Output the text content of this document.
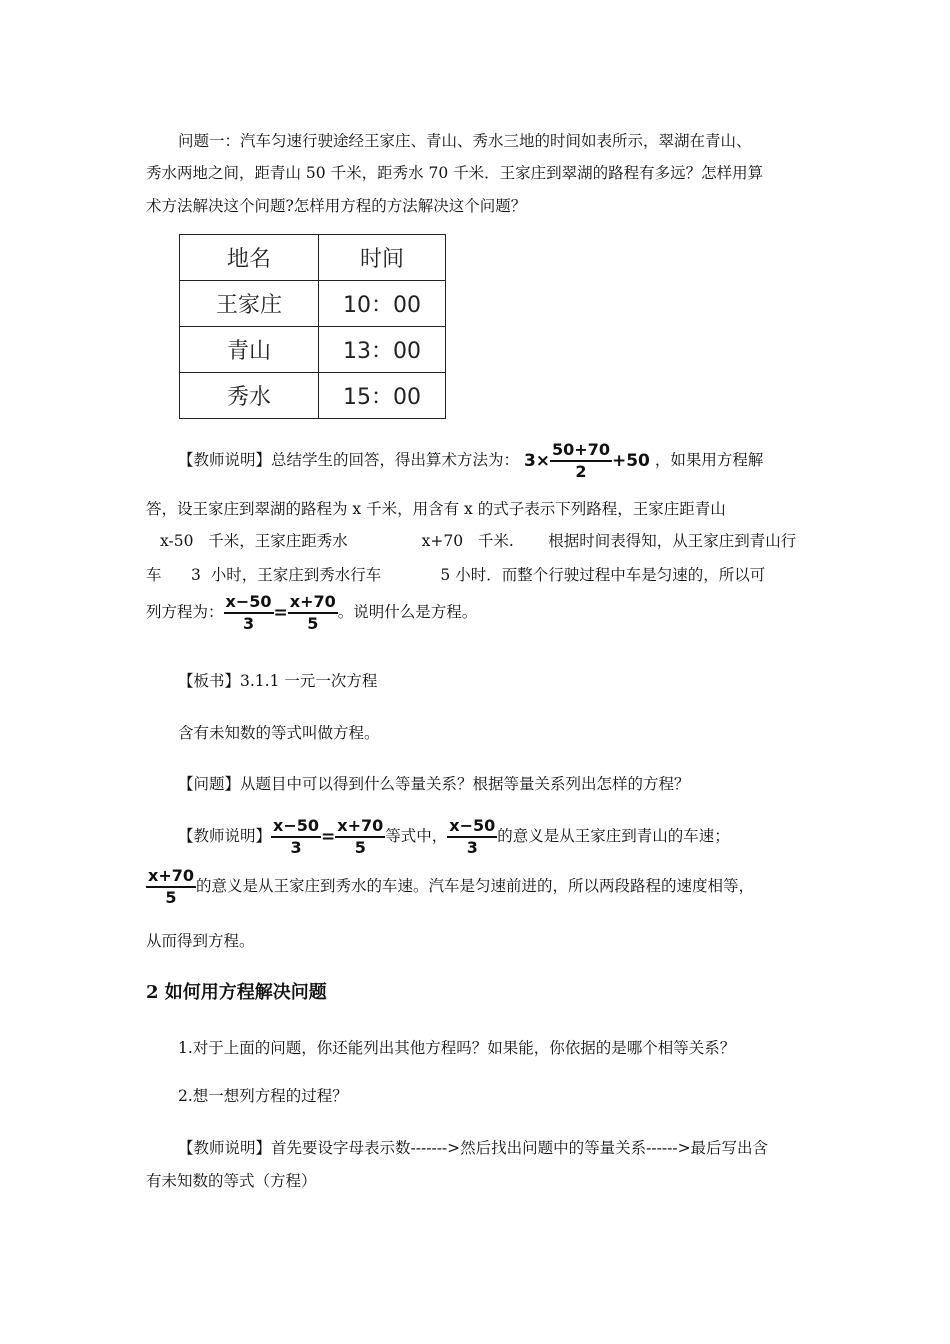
问题一：汽车匀速行驶途经王家庄、青山、秀水三地的时间如表所示，翠湖在青山、
秀水两地之间，距青山 50 千米，距秀水 70 千米．王家庄到翠湖的路程有多远？怎样用算
术方法解决这个问题?怎样用方程的方法解决这个问题？
地名	时间
王家庄	10：00
青山	13：00
秀水	15：00
【教师说明】总结学生的回答，得出算术方法为： $3\times \frac{50+70}{2} +50$ ，如果用方程解
答，设王家庄到翠湖的路程为 x 千米，用含有 x 的式子表示下列路程，王家庄距青山
x-50   千米，王家庄距秀水               x+70   千米.       根据时间表得知，从王家庄到青山行
车      3  小时，王家庄到秀水行车            5 小时．而整个行驶过程中车是匀速的，所以可
列方程为： $\frac{x-50}{3} = \frac{x+70}{5}$ 。说明什么是方程。
【板书】3.1.1 一元一次方程
含有未知数的等式叫做方程。
【问题】从题目中可以得到什么等量关系？根据等量关系列出怎样的方程？
【教师说明】 $\frac{x-50}{3} = \frac{x+70}{5}$ 等式中， $\frac{x-50}{3}$ 的意义是从王家庄到青山的车速；
$\frac{x+70}{5}$ 的意义是从王家庄到秀水的车速。汽车是匀速前进的，所以两段路程的速度相等，
从而得到方程。
2 如何用方程解决问题
1.对于上面的问题，你还能列出其他方程吗？如果能，你依据的是哪个相等关系？
2.想一想列方程的过程？
【教师说明】首先要设字母表示数------->然后找出问题中的等量关系------>最后写出含
有未知数的等式（方程）
